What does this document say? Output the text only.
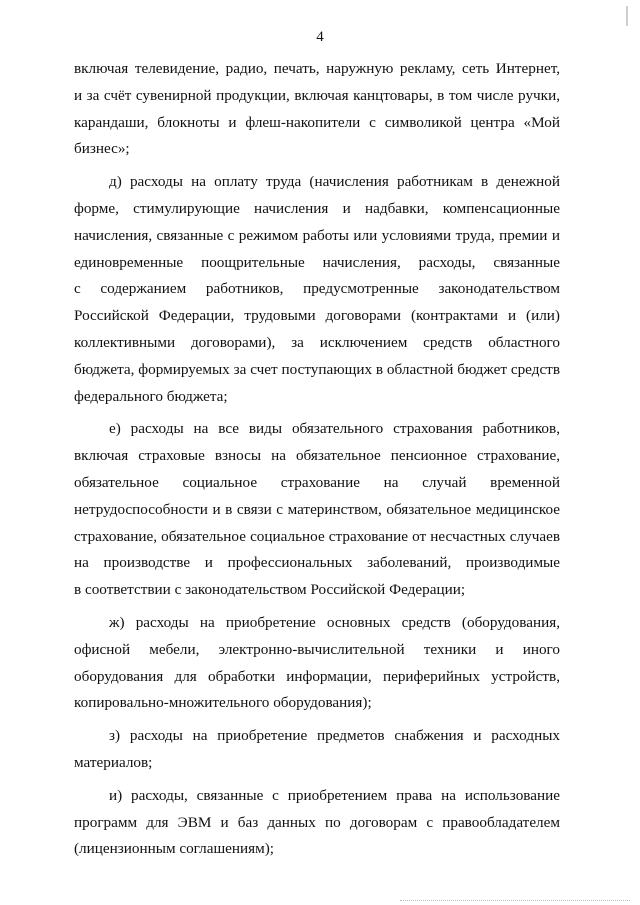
4
включая телевидение, радио, печать, наружную рекламу, сеть Интернет,
и за счёт сувенирной продукции, включая канцтовары, в том числе ручки,
карандаши, блокноты и флеш-накопители с символикой центра «Мой
бизнес»;
д) расходы на оплату труда (начисления работникам в денежной
форме, стимулирующие начисления и надбавки, компенсационные
начисления, связанные с режимом работы или условиями труда, премии и
единовременные поощрительные начисления, расходы, связанные
с содержанием работников, предусмотренные законодательством
Российской Федерации, трудовыми договорами (контрактами и (или)
коллективными договорами), за исключением средств областного
бюджета, формируемых за счет поступающих в областной бюджет средств
федерального бюджета;
е) расходы на все виды обязательного страхования работников,
включая страховые взносы на обязательное пенсионное страхование,
обязательное социальное страхование на случай временной
нетрудоспособности и в связи с материнством, обязательное медицинское
страхование, обязательное социальное страхование от несчастных случаев
на производстве и профессиональных заболеваний, производимые
в соответствии с законодательством Российской Федерации;
ж) расходы на приобретение основных средств (оборудования,
офисной мебели, электронно-вычислительной техники и иного
оборудования для обработки информации, периферийных устройств,
копировально-множительного оборудования);
з) расходы на приобретение предметов снабжения и расходных
материалов;
и) расходы, связанные с приобретением права на использование
программ для ЭВМ и баз данных по договорам с правообладателем
(лицензионным соглашениям);
